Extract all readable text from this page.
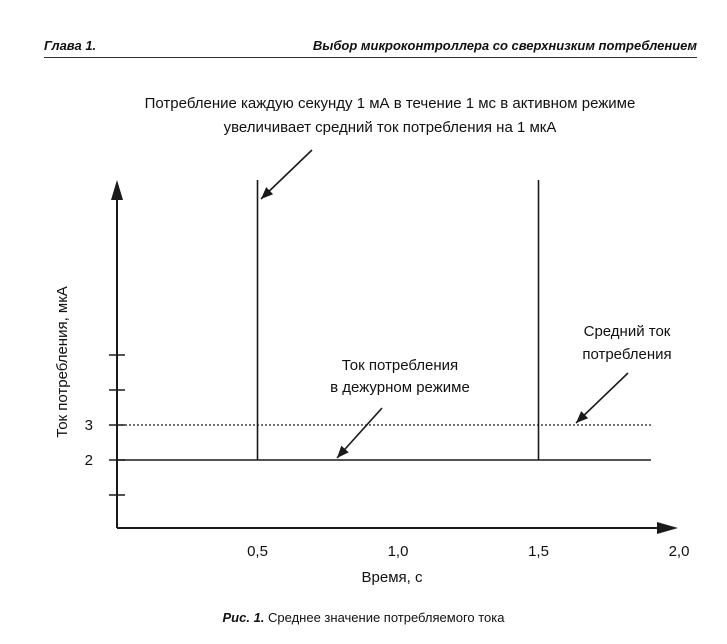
Глава 1.	Выбор микроконтроллера со сверхнизким потреблением
0,5	1,0	1,5	2,0
2
3
Потребление каждую секунду 1 мА в течение 1 мс в активном режиме
увеличивает средний ток потребления на 1 мкА
Ток потребления
в дежурном режиме
Средний ток
потребления
Время, с
Ток потребления, мкА
Рис. 1. Среднее значение потребляемого тока
